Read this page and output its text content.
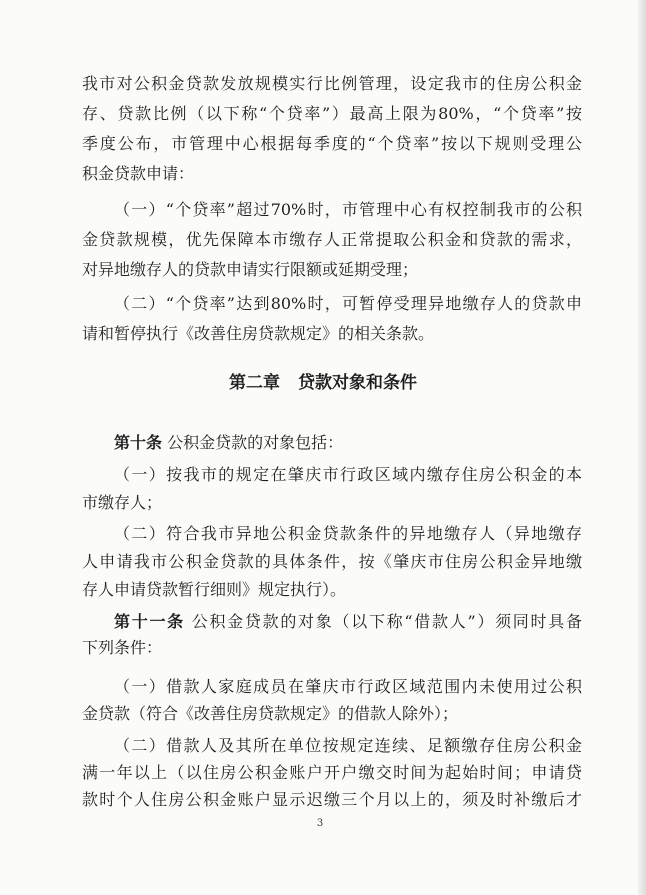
我市对公积金贷款发放规模实行比例管理，设定我市的住房公积金
存、贷款比例（以下称“个贷率”）最高上限为80%，“个贷率”按
季度公布，市管理中心根据每季度的“个贷率”按以下规则受理公
积金贷款申请：
（一）“个贷率”超过70%时，市管理中心有权控制我市的公积
金贷款规模，优先保障本市缴存人正常提取公积金和贷款的需求，
对异地缴存人的贷款申请实行限额或延期受理；
（二）“个贷率”达到80%时，可暂停受理异地缴存人的贷款申
请和暂停执行《改善住房贷款规定》的相关条款。
第二章 贷款对象和条件
第十条 公积金贷款的对象包括：
（一）按我市的规定在肇庆市行政区域内缴存住房公积金的本
市缴存人；
（二）符合我市异地公积金贷款条件的异地缴存人（异地缴存
人申请我市公积金贷款的具体条件，按《肇庆市住房公积金异地缴
存人申请贷款暂行细则》规定执行）。
第十一条 公积金贷款的对象（以下称“借款人”）须同时具备
下列条件：
（一）借款人家庭成员在肇庆市行政区域范围内未使用过公积
金贷款（符合《改善住房贷款规定》的借款人除外）；
（二）借款人及其所在单位按规定连续、足额缴存住房公积金
满一年以上（以住房公积金账户开户缴交时间为起始时间；申请贷
款时个人住房公积金账户显示迟缴三个月以上的，须及时补缴后才
3
